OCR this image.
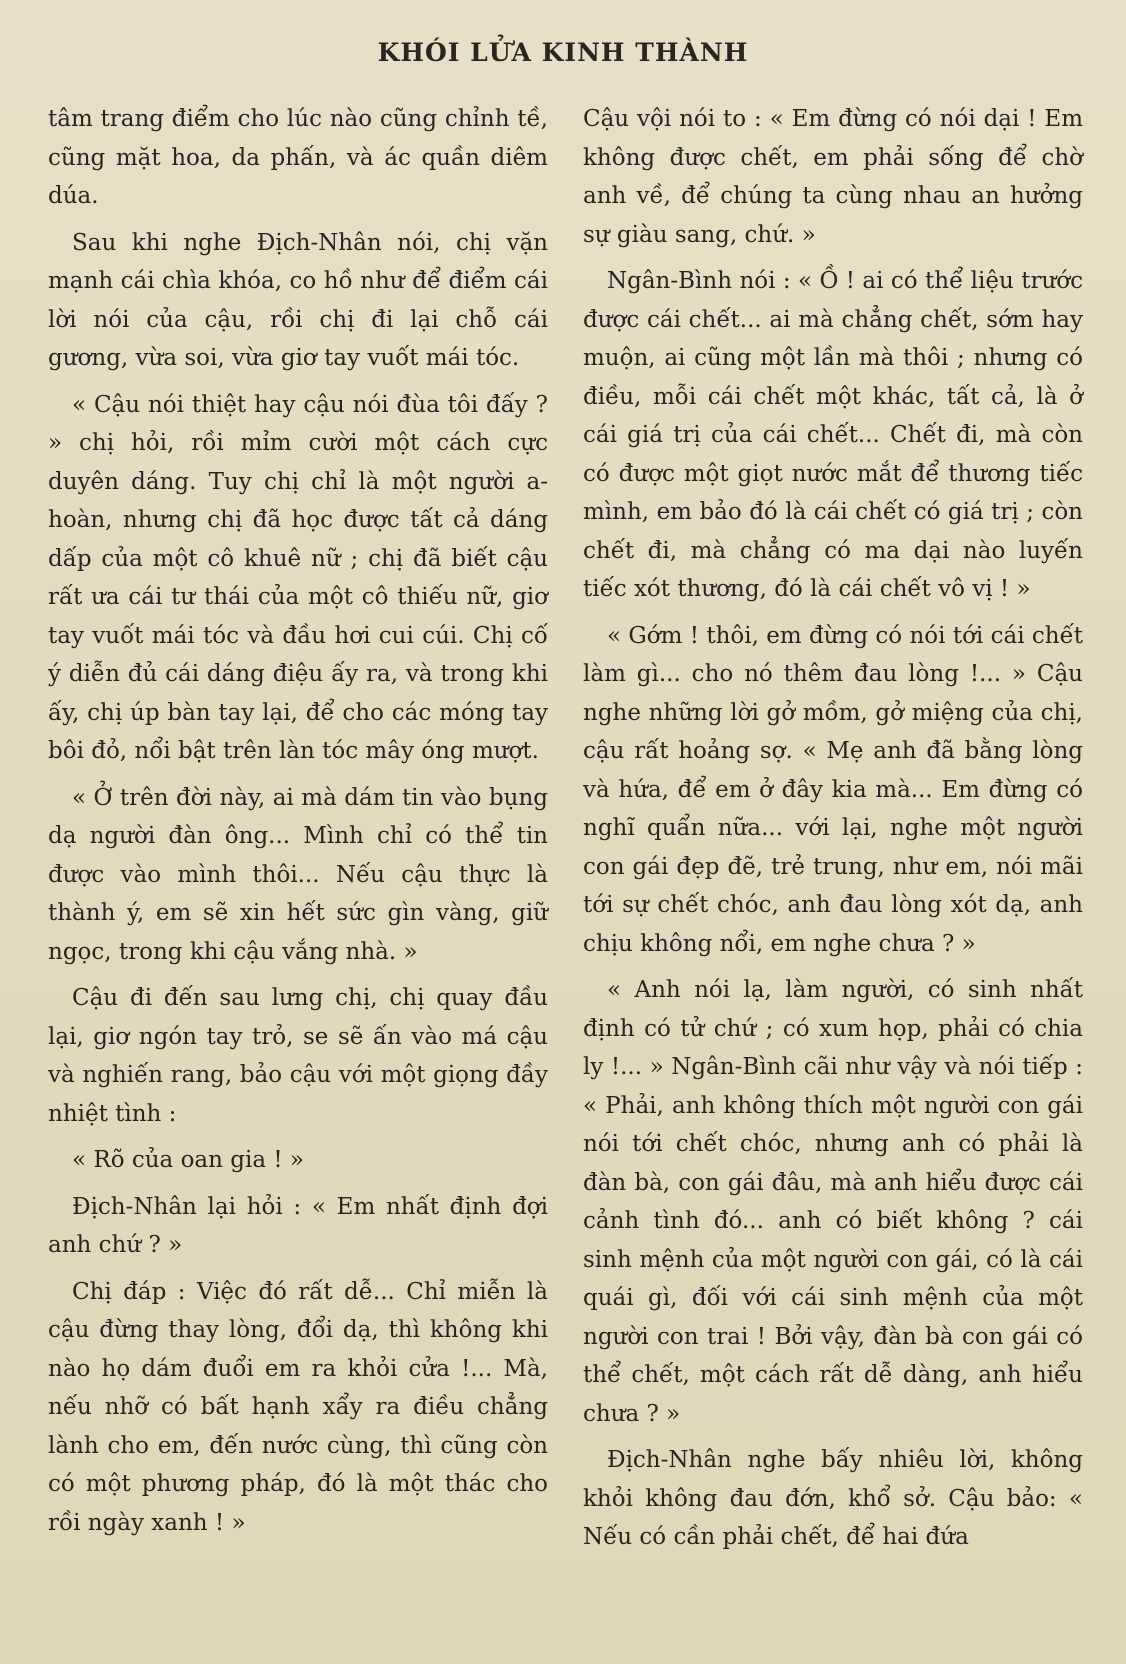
KHÓI LỬA KINH THÀNH

tâm trang điểm cho lúc nào cũng chỉnh tề, cũng mặt hoa, da phấn, và ác quần diêm dúa.

Sau khi nghe Địch-Nhân nói, chị vặn mạnh cái chìa khóa, co hồ như để điểm cái lời nói của cậu, rồi chị đi lại chỗ cái gương, vừa soi, vừa giơ tay vuốt mái tóc.

« Cậu nói thiệt hay cậu nói đùa tôi đấy ? » chị hỏi, rồi mỉm cười một cách cực duyên dáng. Tuy chị chỉ là một người a-hoàn, nhưng chị đã học được tất cả dáng dấp của một cô khuê nữ ; chị đã biết cậu rất ưa cái tư thái của một cô thiếu nữ, giơ tay vuốt mái tóc và đầu hơi cui cúi. Chị cố ý diễn đủ cái dáng điệu ấy ra, và trong khi ấy, chị úp bàn tay lại, để cho các móng tay bôi đỏ, nổi bật trên làn tóc mây óng mượt.

« Ở trên đời này, ai mà dám tin vào bụng dạ người đàn ông... Mình chỉ có thể tin được vào mình thôi... Nếu cậu thực là thành ý, em sẽ xin hết sức gìn vàng, giữ ngọc, trong khi cậu vắng nhà. »

Cậu đi đến sau lưng chị, chị quay đầu lại, giơ ngón tay trỏ, se sẽ ấn vào má cậu và nghiến rang, bảo cậu với một giọng đầy nhiệt tình :

« Rõ của oan gia ! »

Địch-Nhân lại hỏi : « Em nhất định đợi anh chứ ? »

Chị đáp : Việc đó rất dễ... Chỉ miễn là cậu đừng thay lòng, đổi dạ, thì không khi nào họ dám đuổi em ra khỏi cửa !... Mà, nếu nhỡ có bất hạnh xẩy ra điều chẳng lành cho em, đến nước cùng, thì cũng còn có một phương pháp, đó là một thác cho rồi ngày xanh ! »

Cậu vội nói to : « Em đừng có nói dại ! Em không được chết, em phải sống để chờ anh về, để chúng ta cùng nhau an hưởng sự giàu sang, chứ. »

Ngân-Bình nói : « Ồ ! ai có thể liệu trước được cái chết... ai mà chẳng chết, sớm hay muộn, ai cũng một lần mà thôi ; nhưng có điều, mỗi cái chết một khác, tất cả, là ở cái giá trị của cái chết... Chết đi, mà còn có được một giọt nước mắt để thương tiếc mình, em bảo đó là cái chết có giá trị ; còn chết đi, mà chẳng có ma dại nào luyến tiếc xót thương, đó là cái chết vô vị ! »

« Gớm ! thôi, em đừng có nói tới cái chết làm gì... cho nó thêm đau lòng !... » Cậu nghe những lời gở mồm, gở miệng của chị, cậu rất hoảng sợ. « Mẹ anh đã bằng lòng và hứa, để em ở đây kia mà... Em đừng có nghĩ quẩn nữa... với lại, nghe một người con gái đẹp đẽ, trẻ trung, như em, nói mãi tới sự chết chóc, anh đau lòng xót dạ, anh chịu không nổi, em nghe chưa ? »

« Anh nói lạ, làm người, có sinh nhất định có tử chứ ; có xum họp, phải có chia ly !... » Ngân-Bình cãi như vậy và nói tiếp : « Phải, anh không thích một người con gái nói tới chết chóc, nhưng anh có phải là đàn bà, con gái đâu, mà anh hiểu được cái cảnh tình đó... anh có biết không ? cái sinh mệnh của một người con gái, có là cái quái gì, đối với cái sinh mệnh của một người con trai ! Bởi vậy, đàn bà con gái có thể chết, một cách rất dễ dàng, anh hiểu chưa ? »

Địch-Nhân nghe bấy nhiêu lời, không khỏi không đau đớn, khổ sở. Cậu bảo: « Nếu có cần phải chết, để hai đứa
